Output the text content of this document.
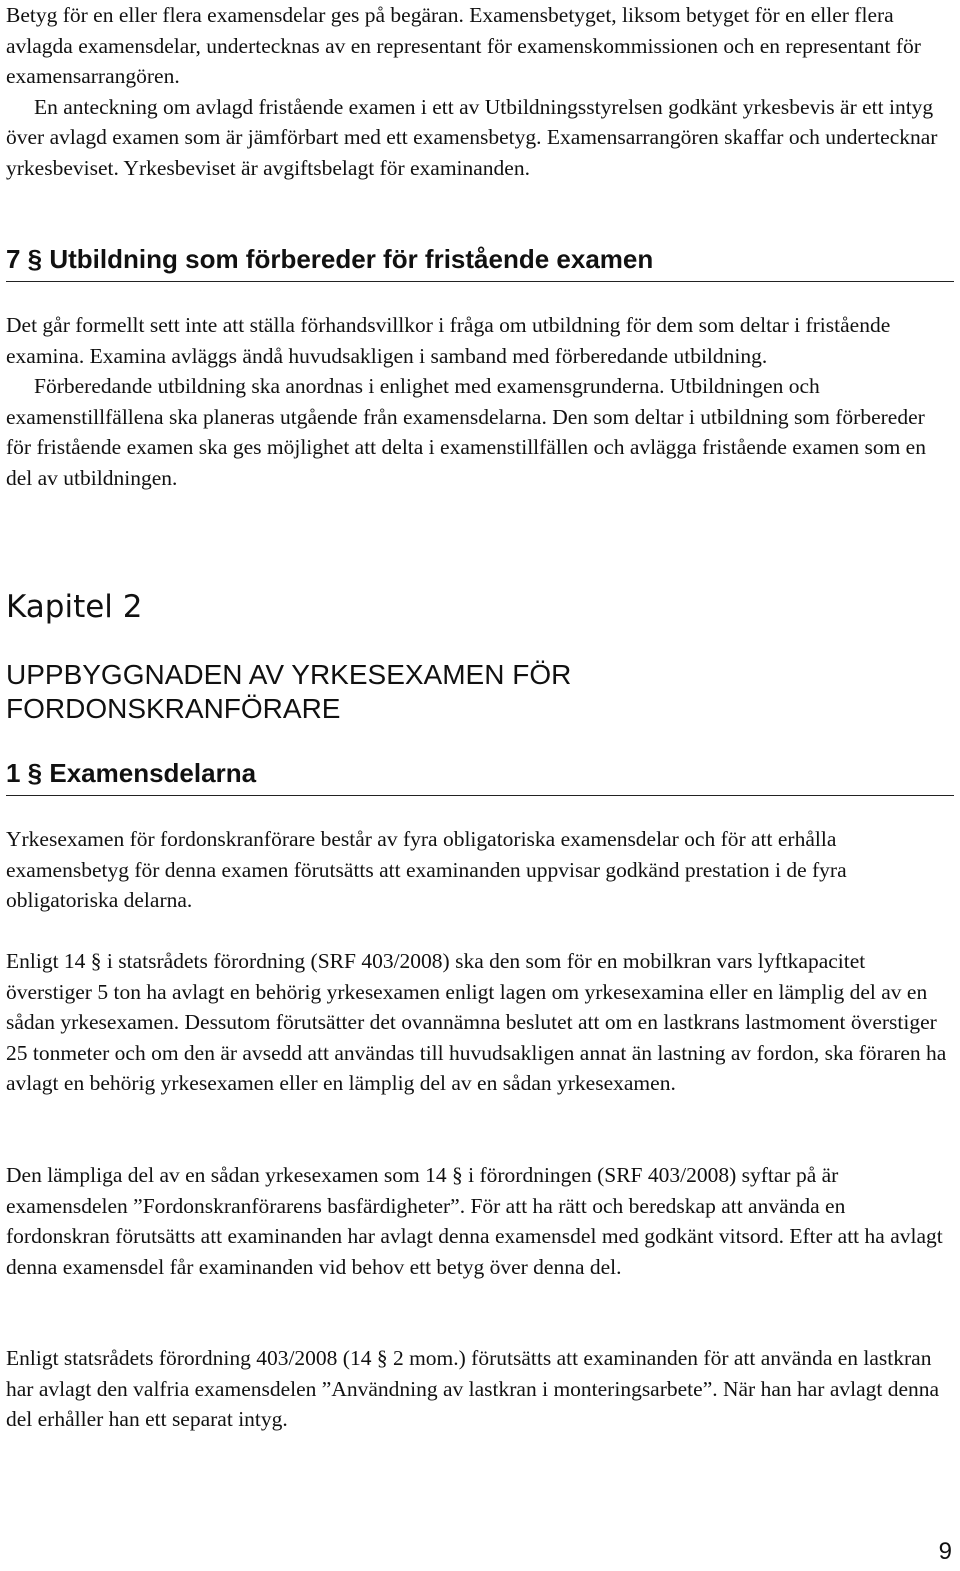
Betyg för en eller flera examensdelar ges på begäran. Examensbetyget, liksom betyget för en eller flera avlagda examensdelar, undertecknas av en representant för examenskommissionen och en representant för examensarrangören.

En anteckning om avlagd fristående examen i ett av Utbildningsstyrelsen godkänt yrkesbevis är ett intyg över avlagd examen som är jämförbart med ett examensbetyg. Examensarrangören skaffar och undertecknar yrkesbeviset. Yrkesbeviset är avgiftsbelagt för examinanden.

7 § Utbildning som förbereder för fristående examen

Det går formellt sett inte att ställa förhandsvillkor i fråga om utbildning för dem som deltar i fristående examina. Examina avläggs ändå huvudsakligen i samband med förberedande utbildning.

Förberedande utbildning ska anordnas i enlighet med examensgrunderna. Utbildningen och examenstillfällena ska planeras utgående från examensdelarna. Den som deltar i utbildning som förbereder för fristående examen ska ges möjlighet att delta i examenstillfällen och avlägga fristående examen som en del av utbildningen.

Kapitel 2
UPPBYGGNADEN AV YRKESEXAMEN FÖR FORDONSKRANFÖRARE
1 § Examensdelarna

Yrkesexamen för fordonskranförare består av fyra obligatoriska examensdelar och för att erhålla examensbetyg för denna examen förutsätts att examinanden uppvisar godkänd prestation i de fyra obligatoriska delarna.

Enligt 14 § i statsrådets förordning (SRF 403/2008) ska den som för en mobilkran vars lyftkapacitet överstiger 5 ton ha avlagt en behörig yrkesexamen enligt lagen om yrkesexamina eller en lämplig del av en sådan yrkesexamen. Dessutom förutsätter det ovannämna beslutet att om en lastkrans lastmoment överstiger 25 tonmeter och om den är avsedd att användas till huvudsakligen annat än lastning av fordon, ska föraren ha avlagt en behörig yrkesexamen eller en lämplig del av en sådan yrkesexamen.

Den lämpliga del av en sådan yrkesexamen som 14 § i förordningen (SRF 403/2008) syftar på är examensdelen ”Fordonskranförarens basfärdigheter”. För att ha rätt och beredskap att använda en fordonskran förutsätts att examinanden har avlagt denna examensdel med godkänt vitsord. Efter att ha avlagt denna examensdel får examinanden vid behov ett betyg över denna del.

Enligt statsrådets förordning 403/2008 (14 § 2 mom.) förutsätts att examinanden för att använda en lastkran har avlagt den valfria examensdelen ”Användning av lastkran i monteringsarbete”. När han har avlagt denna del erhåller han ett separat intyg.

9
